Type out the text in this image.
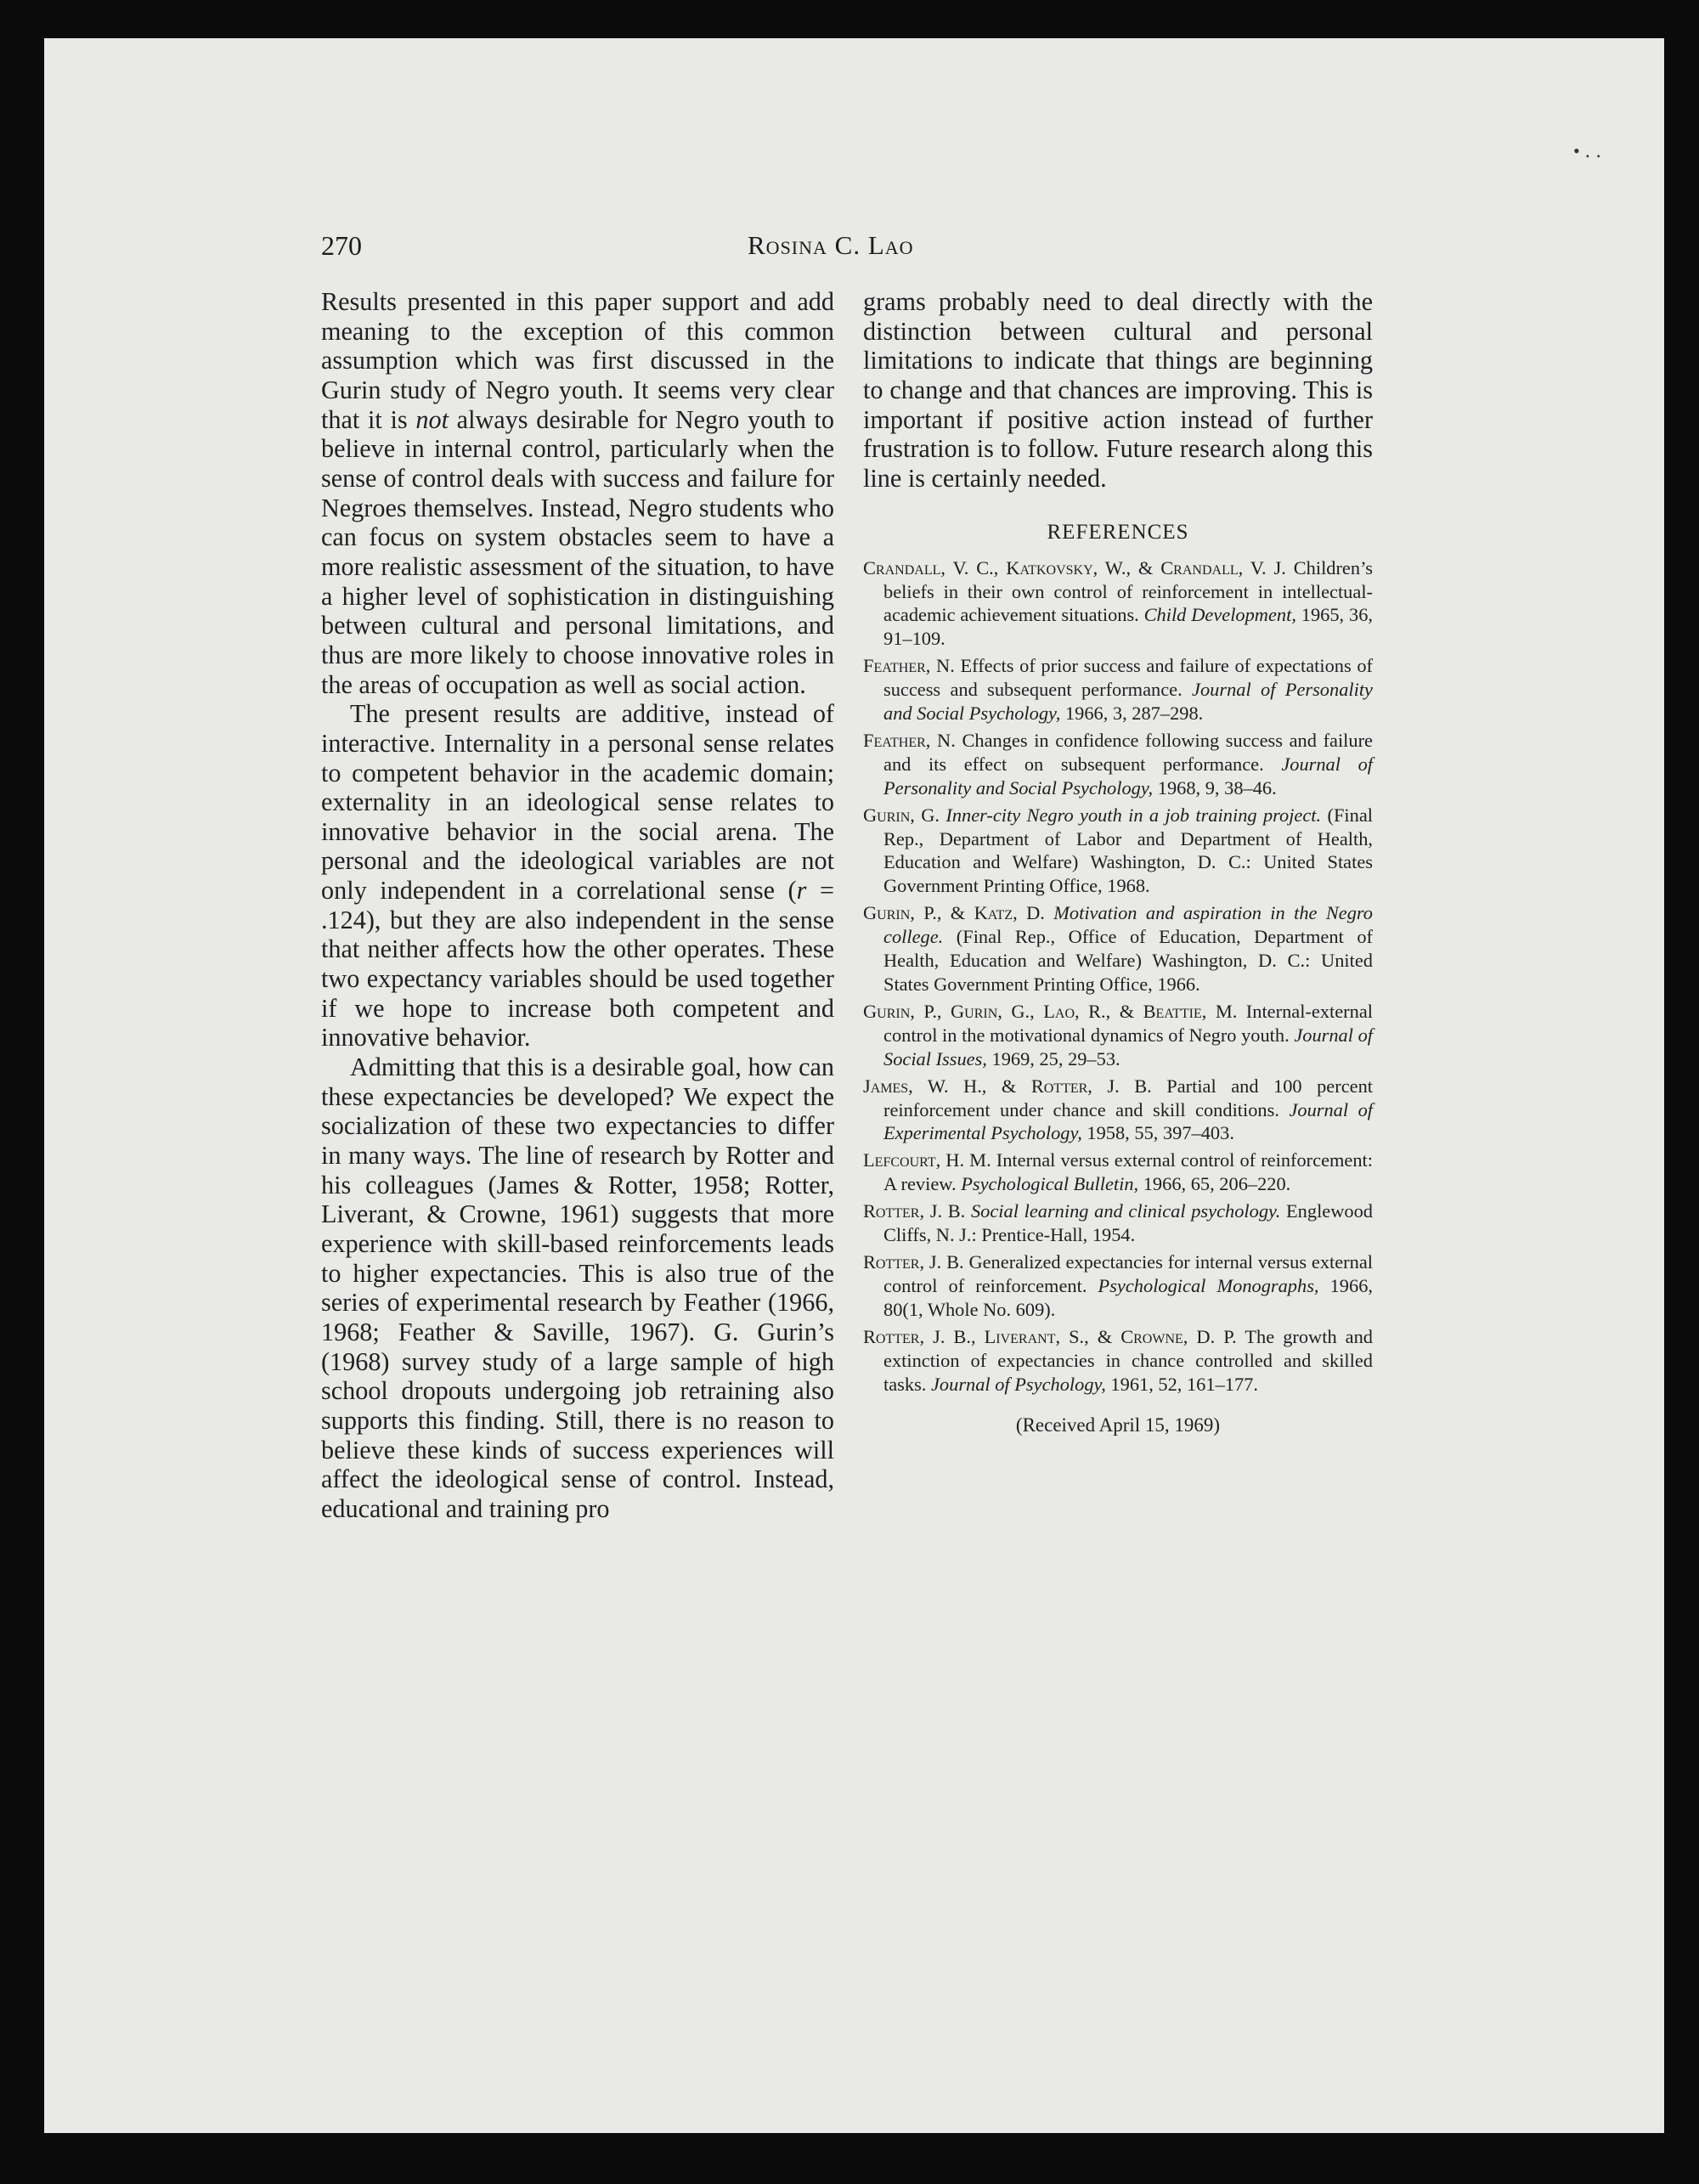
• ․ ․
270	Rosina C. Lao

Results presented in this paper support and add meaning to the exception of this common assumption which was first discussed in the Gurin study of Negro youth. It seems very clear that it is not always desirable for Negro youth to believe in internal control, particularly when the sense of control deals with success and failure for Negroes themselves. Instead, Negro students who can focus on system obstacles seem to have a more realistic assessment of the situation, to have a higher level of sophistication in distinguishing between cultural and personal limitations, and thus are more likely to choose innovative roles in the areas of occupation as well as social action.

The present results are additive, instead of interactive. Internality in a personal sense relates to competent behavior in the academic domain; externality in an ideological sense relates to innovative behavior in the social arena. The personal and the ideological variables are not only independent in a correlational sense (r = .124), but they are also independent in the sense that neither affects how the other operates. These two expectancy variables should be used together if we hope to increase both competent and innovative behavior.

Admitting that this is a desirable goal, how can these expectancies be developed? We expect the socialization of these two expectancies to differ in many ways. The line of research by Rotter and his colleagues (James & Rotter, 1958; Rotter, Liverant, & Crowne, 1961) suggests that more experience with skill-based reinforcements leads to higher expectancies. This is also true of the series of experimental research by Feather (1966, 1968; Feather & Saville, 1967). G. Gurin’s (1968) survey study of a large sample of high school dropouts undergoing job retraining also supports this finding. Still, there is no reason to believe these kinds of success experiences will affect the ideological sense of control. Instead, educational and training pro

grams probably need to deal directly with the distinction between cultural and personal limitations to indicate that things are beginning to change and that chances are improving. This is important if positive action instead of further frustration is to follow. Future research along this line is certainly needed.

REFERENCES
Crandall, V. C., Katkovsky, W., & Crandall, V. J. Children’s beliefs in their own control of reinforcement in intellectual-academic achievement situations. Child Development, 1965, 36, 91–109.
Feather, N. Effects of prior success and failure of expectations of success and subsequent performance. Journal of Personality and Social Psychology, 1966, 3, 287–298.
Feather, N. Changes in confidence following success and failure and its effect on subsequent performance. Journal of Personality and Social Psychology, 1968, 9, 38–46.
Gurin, G. Inner-city Negro youth in a job training project. (Final Rep., Department of Labor and Department of Health, Education and Welfare) Washington, D. C.: United States Government Printing Office, 1968.
Gurin, P., & Katz, D. Motivation and aspiration in the Negro college. (Final Rep., Office of Education, Department of Health, Education and Welfare) Washington, D. C.: United States Government Printing Office, 1966.
Gurin, P., Gurin, G., Lao, R., & Beattie, M. Internal-external control in the motivational dynamics of Negro youth. Journal of Social Issues, 1969, 25, 29–53.
James, W. H., & Rotter, J. B. Partial and 100 percent reinforcement under chance and skill conditions. Journal of Experimental Psychology, 1958, 55, 397–403.
Lefcourt, H. M. Internal versus external control of reinforcement: A review. Psychological Bulletin, 1966, 65, 206–220.
Rotter, J. B. Social learning and clinical psychology. Englewood Cliffs, N. J.: Prentice-Hall, 1954.
Rotter, J. B. Generalized expectancies for internal versus external control of reinforcement. Psychological Monographs, 1966, 80(1, Whole No. 609).
Rotter, J. B., Liverant, S., & Crowne, D. P. The growth and extinction of expectancies in chance controlled and skilled tasks. Journal of Psychology, 1961, 52, 161–177.
(Received April 15, 1969)
